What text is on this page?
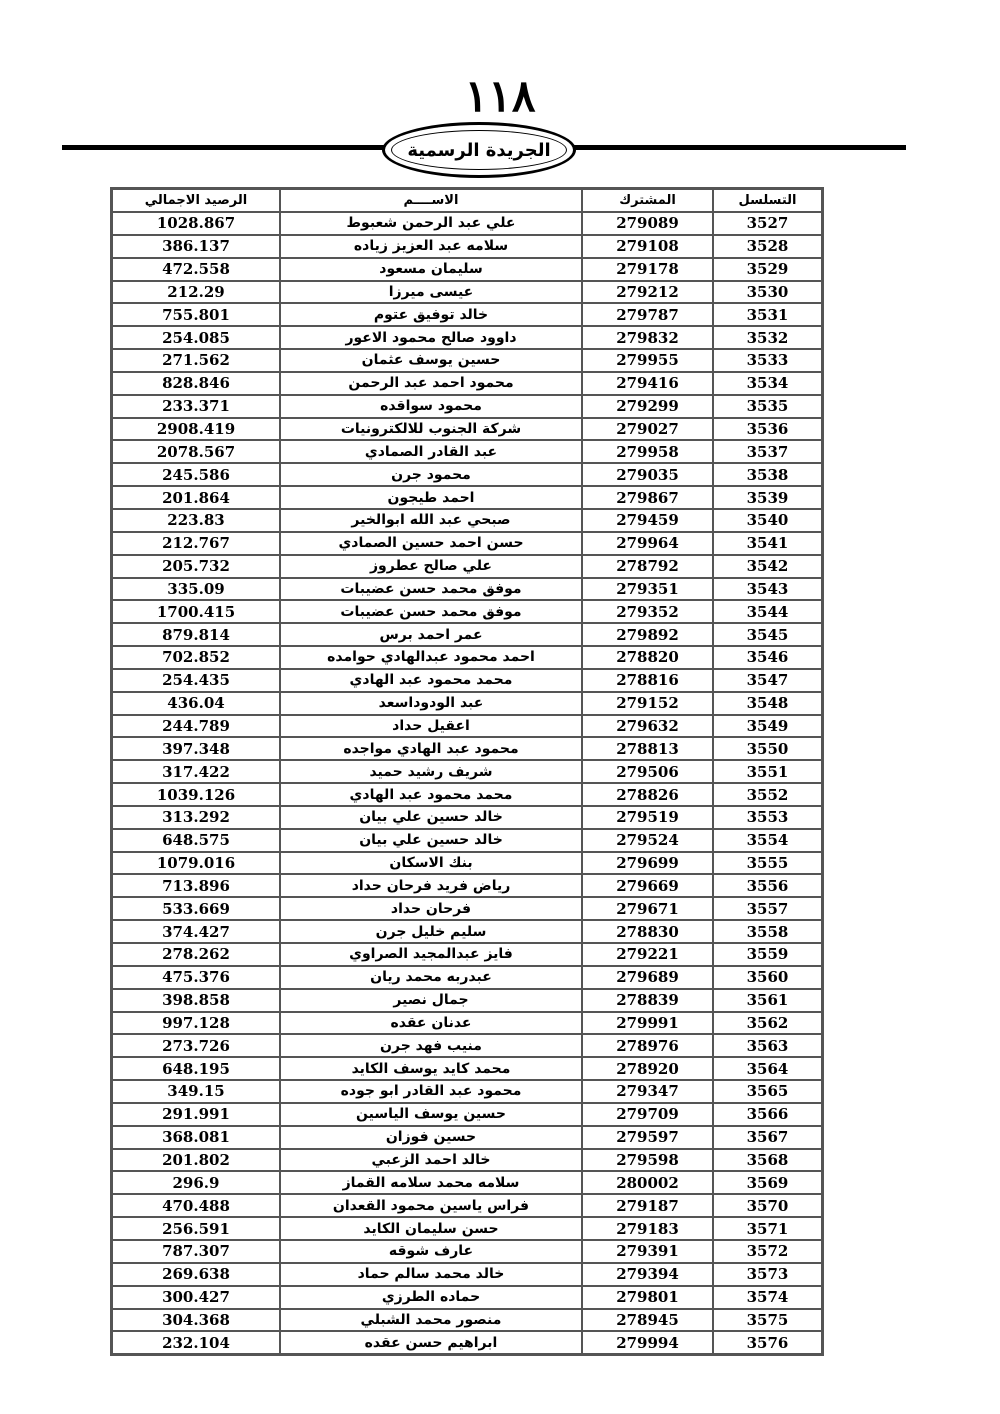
١١٨
الجريدة الرسمية
الرصيد الاجمالي	الاســــم	المشترك	التسلسل
1028.867	علي عبد الرحمن شعبوط	279089	3527
386.137	سلامه عبد العزيز زياده	279108	3528
472.558	سليمان مسعود	279178	3529
212.29	عيسى ميرزا	279212	3530
755.801	خالد توفيق عتوم	279787	3531
254.085	داوود صالح محمود الاعور	279832	3532
271.562	حسين يوسف عثمان	279955	3533
828.846	محمود احمد عبد الرحمن	279416	3534
233.371	محمود سواقده	279299	3535
2908.419	شركة الجنوب للالكترونيات	279027	3536
2078.567	عبد القادر الصمادي	279958	3537
245.586	محمود جرن	279035	3538
201.864	احمد طيجون	279867	3539
223.83	صبحي عبد الله ابوالخير	279459	3540
212.767	حسن احمد حسين الصمادي	279964	3541
205.732	علي صالح عطروز	278792	3542
335.09	موفق محمد حسن عضيبات	279351	3543
1700.415	موفق محمد حسن عضيبات	279352	3544
879.814	عمر احمد برس	279892	3545
702.852	احمد محمود عبدالهادي حوامده	278820	3546
254.435	محمد محمود عبد الهادي	278816	3547
436.04	عبد الودوداسعد	279152	3548
244.789	اعقيل حداد	279632	3549
397.348	محمود عبد الهادي مواجده	278813	3550
317.422	شريف رشيد حميد	279506	3551
1039.126	محمد محمود عبد الهادي	278826	3552
313.292	خالد حسين علي بيان	279519	3553
648.575	خالد حسين علي بيان	279524	3554
1079.016	بنك الاسكان	279699	3555
713.896	رياض فريد فرحان حداد	279669	3556
533.669	فرحان حداد	279671	3557
374.427	سليم خليل جرن	278830	3558
278.262	فايز عبدالمجيد الصراوي	279221	3559
475.376	عبدربه محمد ريان	279689	3560
398.858	جمال نصير	278839	3561
997.128	عدنان عقده	279991	3562
273.726	منيب فهد جرن	278976	3563
648.195	محمد كايد يوسف الكايد	278920	3564
349.15	محمود عبد القادر ابو جوده	279347	3565
291.991	حسين يوسف الياسين	279709	3566
368.081	حسين فوزان	279597	3567
201.802	خالد احمد الزعبي	279598	3568
296.9	سلامه محمد سلامه القماز	280002	3569
470.488	فراس ياسين محمود القعدان	279187	3570
256.591	حسن سليمان الكايد	279183	3571
787.307	عارف شوقه	279391	3572
269.638	خالد محمد سالم حماد	279394	3573
300.427	حماده الطرزي	279801	3574
304.368	منصور محمد الشبلي	278945	3575
232.104	ابراهيم حسن عقده	279994	3576
